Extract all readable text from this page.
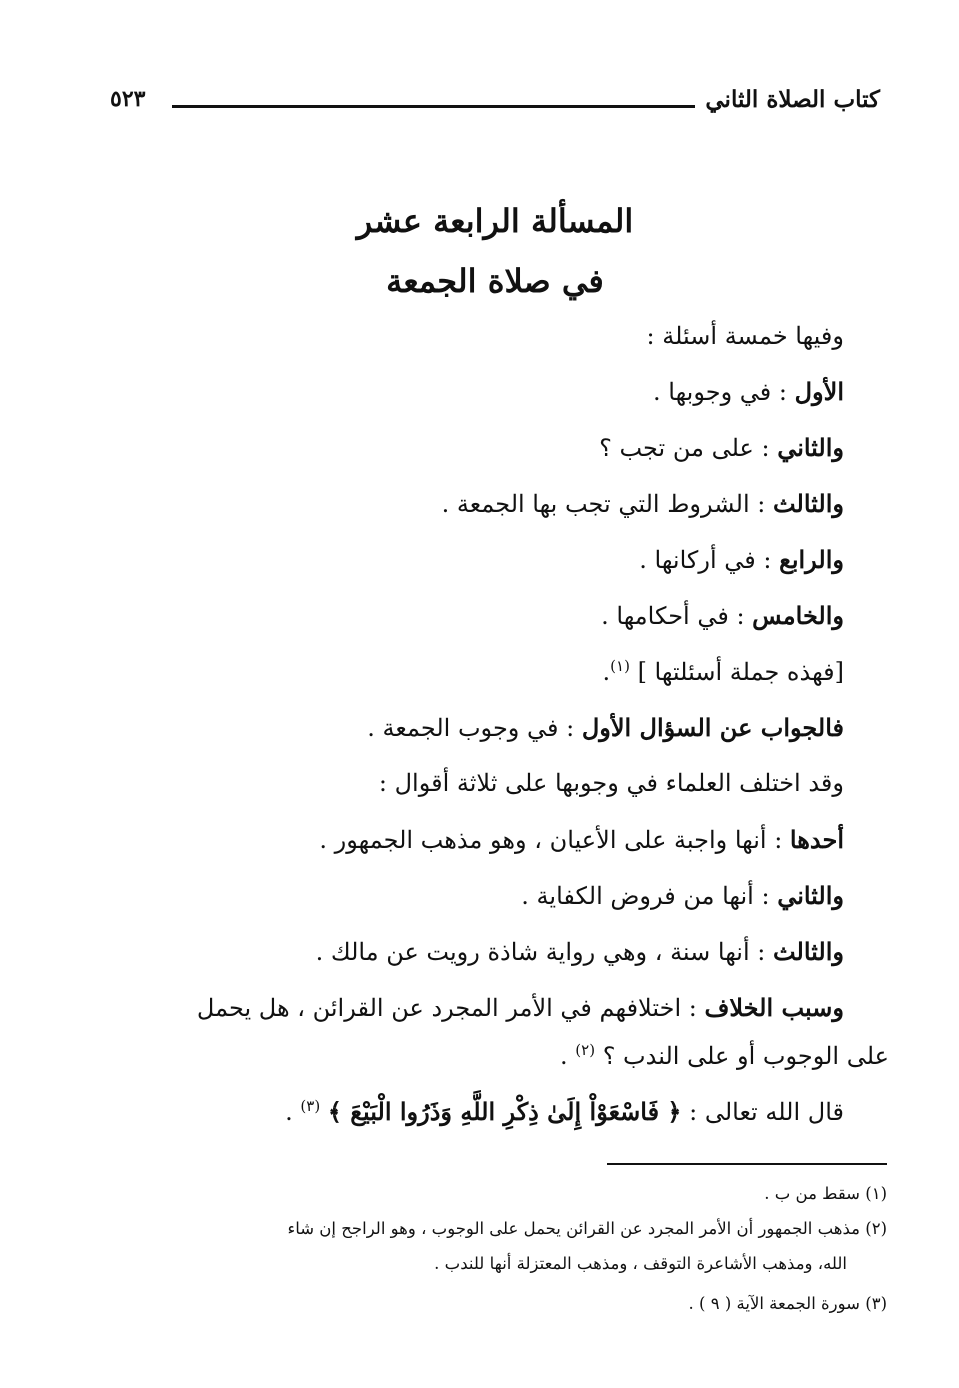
كتاب الصلاة الثاني
٥٢٣
المسألة الرابعة عشر
في صلاة الجمعة
وفيها خمسة أسئلة :
الأول : في وجوبها .
والثاني : على من تجب ؟
والثالث : الشروط التي تجب بها الجمعة .
والرابع : في أركانها .
والخامس : في أحكامها .
[فهذه جملة أسئلتها ] $^{(١)}$.
فالجواب عن السؤال الأول : في وجوب الجمعة .
وقد اختلف العلماء في وجوبها على ثلاثة أقوال :
أحدها : أنها واجبة على الأعيان ، وهو مذهب الجمهور .
والثاني : أنها من فروض الكفاية .
والثالث : أنها سنة ، وهي رواية شاذة رويت عن مالك .
وسبب الخلاف : اختلافهم في الأمر المجرد عن القرائن ، هل يحمل
على الوجوب أو على الندب ؟ $^{(٢)}$ .
قال الله تعالى : ﴿ فَاسْعَوْاْ إِلَىٰ ذِكْرِ اللَّهِ وَذَرُوا الْبَيْعَ ﴾ $^{(٣)}$ .
(١) سقط من ب .
(٢) مذهب الجمهور أن الأمر المجرد عن القرائن يحمل على الوجوب ، وهو الراجح إن شاء
الله، ومذهب الأشاعرة التوقف ، ومذهب المعتزلة أنها للندب .
(٣) سورة الجمعة الآية ( ٩ ) .
